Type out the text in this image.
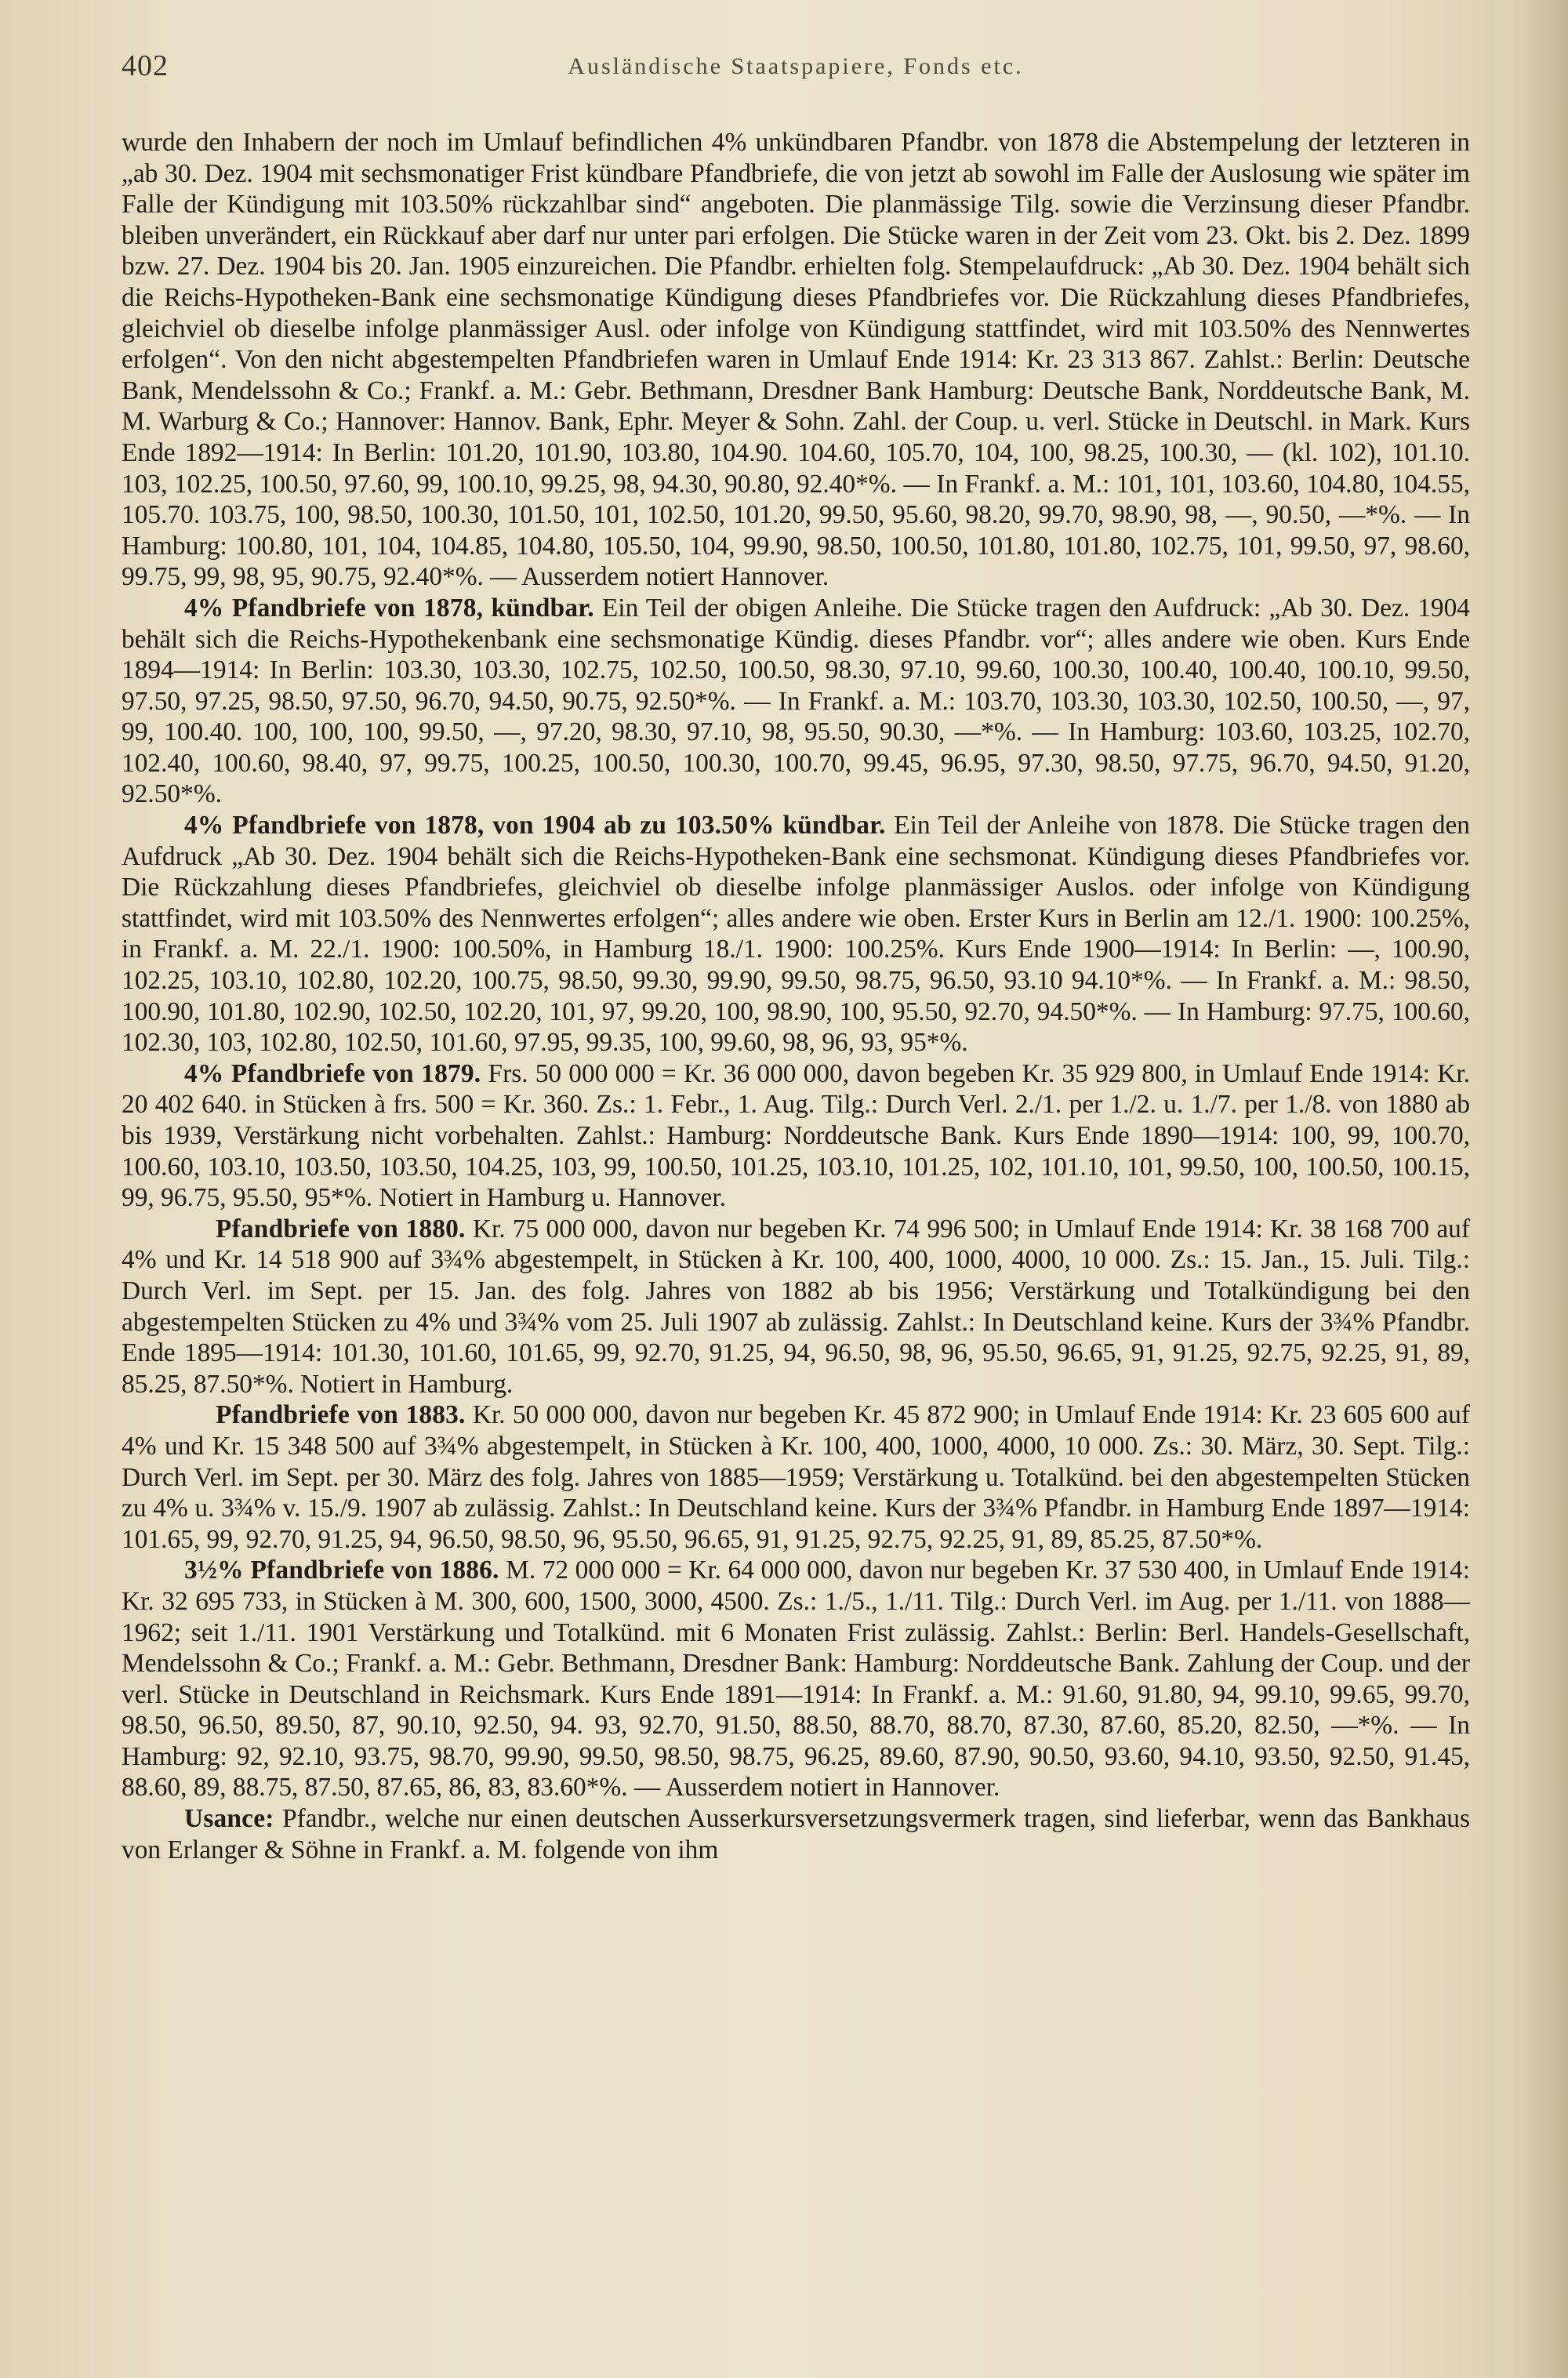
402	Ausländische Staatspapiere, Fonds etc.

wurde den Inhabern der noch im Umlauf befindlichen 4% unkündbaren Pfandbr. von 1878 die Abstempelung der letzteren in „ab 30. Dez. 1904 mit sechsmonatiger Frist kündbare Pfandbriefe, die von jetzt ab sowohl im Falle der Auslosung wie später im Falle der Kündigung mit 103.50% rückzahlbar sind“ angeboten. Die planmässige Tilg. sowie die Verzinsung dieser Pfandbr. bleiben unverändert, ein Rückkauf aber darf nur unter pari erfolgen. Die Stücke waren in der Zeit vom 23. Okt. bis 2. Dez. 1899 bzw. 27. Dez. 1904 bis 20. Jan. 1905 einzureichen. Die Pfandbr. erhielten folg. Stempelaufdruck: „Ab 30. Dez. 1904 behält sich die Reichs-Hypotheken-Bank eine sechsmonatige Kündigung dieses Pfandbriefes vor. Die Rückzahlung dieses Pfandbriefes, gleichviel ob dieselbe infolge planmässiger Ausl. oder infolge von Kündigung stattfindet, wird mit 103.50% des Nennwertes erfolgen“. Von den nicht abgestempelten Pfandbriefen waren in Umlauf Ende 1914: Kr. 23 313 867. Zahlst.: Berlin: Deutsche Bank, Mendelssohn & Co.; Frankf. a. M.: Gebr. Bethmann, Dresdner Bank Hamburg: Deutsche Bank, Norddeutsche Bank, M. M. Warburg & Co.; Hannover: Hannov. Bank, Ephr. Meyer & Sohn. Zahl. der Coup. u. verl. Stücke in Deutschl. in Mark. Kurs Ende 1892—1914: In Berlin: 101.20, 101.90, 103.80, 104.90. 104.60, 105.70, 104, 100, 98.25, 100.30, — (kl. 102), 101.10. 103, 102.25, 100.50, 97.60, 99, 100.10, 99.25, 98, 94.30, 90.80, 92.40*%. — In Frankf. a. M.: 101, 101, 103.60, 104.80, 104.55, 105.70. 103.75, 100, 98.50, 100.30, 101.50, 101, 102.50, 101.20, 99.50, 95.60, 98.20, 99.70, 98.90, 98, —, 90.50, —*%. — In Hamburg: 100.80, 101, 104, 104.85, 104.80, 105.50, 104, 99.90, 98.50, 100.50, 101.80, 101.80, 102.75, 101, 99.50, 97, 98.60, 99.75, 99, 98, 95, 90.75, 92.40*%. — Ausserdem notiert Hannover.

4% Pfandbriefe von 1878, kündbar. Ein Teil der obigen Anleihe. Die Stücke tragen den Aufdruck: „Ab 30. Dez. 1904 behält sich die Reichs-Hypothekenbank eine sechsmonatige Kündig. dieses Pfandbr. vor“; alles andere wie oben. Kurs Ende 1894—1914: In Berlin: 103.30, 103.30, 102.75, 102.50, 100.50, 98.30, 97.10, 99.60, 100.30, 100.40, 100.40, 100.10, 99.50, 97.50, 97.25, 98.50, 97.50, 96.70, 94.50, 90.75, 92.50*%. — In Frankf. a. M.: 103.70, 103.30, 103.30, 102.50, 100.50, —, 97, 99, 100.40. 100, 100, 100, 99.50, —, 97.20, 98.30, 97.10, 98, 95.50, 90.30, —*%. — In Hamburg: 103.60, 103.25, 102.70, 102.40, 100.60, 98.40, 97, 99.75, 100.25, 100.50, 100.30, 100.70, 99.45, 96.95, 97.30, 98.50, 97.75, 96.70, 94.50, 91.20, 92.50*%.

4% Pfandbriefe von 1878, von 1904 ab zu 103.50% kündbar. Ein Teil der Anleihe von 1878. Die Stücke tragen den Aufdruck „Ab 30. Dez. 1904 behält sich die Reichs-Hypotheken-Bank eine sechsmonat. Kündigung dieses Pfandbriefes vor. Die Rückzahlung dieses Pfandbriefes, gleichviel ob dieselbe infolge planmässiger Auslos. oder infolge von Kündigung stattfindet, wird mit 103.50% des Nennwertes erfolgen“; alles andere wie oben. Erster Kurs in Berlin am 12./1. 1900: 100.25%, in Frankf. a. M. 22./1. 1900: 100.50%, in Hamburg 18./1. 1900: 100.25%. Kurs Ende 1900—1914: In Berlin: —, 100.90, 102.25, 103.10, 102.80, 102.20, 100.75, 98.50, 99.30, 99.90, 99.50, 98.75, 96.50, 93.10 94.10*%. — In Frankf. a. M.: 98.50, 100.90, 101.80, 102.90, 102.50, 102.20, 101, 97, 99.20, 100, 98.90, 100, 95.50, 92.70, 94.50*%. — In Hamburg: 97.75, 100.60, 102.30, 103, 102.80, 102.50, 101.60, 97.95, 99.35, 100, 99.60, 98, 96, 93, 95*%.

4% Pfandbriefe von 1879. Frs. 50 000 000 = Kr. 36 000 000, davon begeben Kr. 35 929 800, in Umlauf Ende 1914: Kr. 20 402 640. in Stücken à frs. 500 = Kr. 360. Zs.: 1. Febr., 1. Aug. Tilg.: Durch Verl. 2./1. per 1./2. u. 1./7. per 1./8. von 1880 ab bis 1939, Verstärkung nicht vorbehalten. Zahlst.: Hamburg: Norddeutsche Bank. Kurs Ende 1890—1914: 100, 99, 100.70, 100.60, 103.10, 103.50, 103.50, 104.25, 103, 99, 100.50, 101.25, 103.10, 101.25, 102, 101.10, 101, 99.50, 100, 100.50, 100.15, 99, 96.75, 95.50, 95*%. Notiert in Hamburg u. Hannover.

Pfandbriefe von 1880. Kr. 75 000 000, davon nur begeben Kr. 74 996 500; in Umlauf Ende 1914: Kr. 38 168 700 auf 4% und Kr. 14 518 900 auf 3¾% abgestempelt, in Stücken à Kr. 100, 400, 1000, 4000, 10 000. Zs.: 15. Jan., 15. Juli. Tilg.: Durch Verl. im Sept. per 15. Jan. des folg. Jahres von 1882 ab bis 1956; Verstärkung und Totalkündigung bei den abgestempelten Stücken zu 4% und 3¾% vom 25. Juli 1907 ab zulässig. Zahlst.: In Deutschland keine. Kurs der 3¾% Pfandbr. Ende 1895—1914: 101.30, 101.60, 101.65, 99, 92.70, 91.25, 94, 96.50, 98, 96, 95.50, 96.65, 91, 91.25, 92.75, 92.25, 91, 89, 85.25, 87.50*%. Notiert in Hamburg.

Pfandbriefe von 1883. Kr. 50 000 000, davon nur begeben Kr. 45 872 900; in Umlauf Ende 1914: Kr. 23 605 600 auf 4% und Kr. 15 348 500 auf 3¾% abgestempelt, in Stücken à Kr. 100, 400, 1000, 4000, 10 000. Zs.: 30. März, 30. Sept. Tilg.: Durch Verl. im Sept. per 30. März des folg. Jahres von 1885—1959; Verstärkung u. Totalkünd. bei den abgestempelten Stücken zu 4% u. 3¾% v. 15./9. 1907 ab zulässig. Zahlst.: In Deutschland keine. Kurs der 3¾% Pfandbr. in Hamburg Ende 1897—1914: 101.65, 99, 92.70, 91.25, 94, 96.50, 98.50, 96, 95.50, 96.65, 91, 91.25, 92.75, 92.25, 91, 89, 85.25, 87.50*%.

3½% Pfandbriefe von 1886. M. 72 000 000 = Kr. 64 000 000, davon nur begeben Kr. 37 530 400, in Umlauf Ende 1914: Kr. 32 695 733, in Stücken à M. 300, 600, 1500, 3000, 4500. Zs.: 1./5., 1./11. Tilg.: Durch Verl. im Aug. per 1./11. von 1888—1962; seit 1./11. 1901 Verstärkung und Totalkünd. mit 6 Monaten Frist zulässig. Zahlst.: Berlin: Berl. Handels-Gesellschaft, Mendelssohn & Co.; Frankf. a. M.: Gebr. Bethmann, Dresdner Bank: Hamburg: Norddeutsche Bank. Zahlung der Coup. und der verl. Stücke in Deutschland in Reichsmark. Kurs Ende 1891—1914: In Frankf. a. M.: 91.60, 91.80, 94, 99.10, 99.65, 99.70, 98.50, 96.50, 89.50, 87, 90.10, 92.50, 94. 93, 92.70, 91.50, 88.50, 88.70, 88.70, 87.30, 87.60, 85.20, 82.50, —*%. — In Hamburg: 92, 92.10, 93.75, 98.70, 99.90, 99.50, 98.50, 98.75, 96.25, 89.60, 87.90, 90.50, 93.60, 94.10, 93.50, 92.50, 91.45, 88.60, 89, 88.75, 87.50, 87.65, 86, 83, 83.60*%. — Ausserdem notiert in Hannover.

Usance: Pfandbr., welche nur einen deutschen Ausserkursversetzungsvermerk tragen, sind lieferbar, wenn das Bankhaus von Erlanger & Söhne in Frankf. a. M. folgende von ihm
